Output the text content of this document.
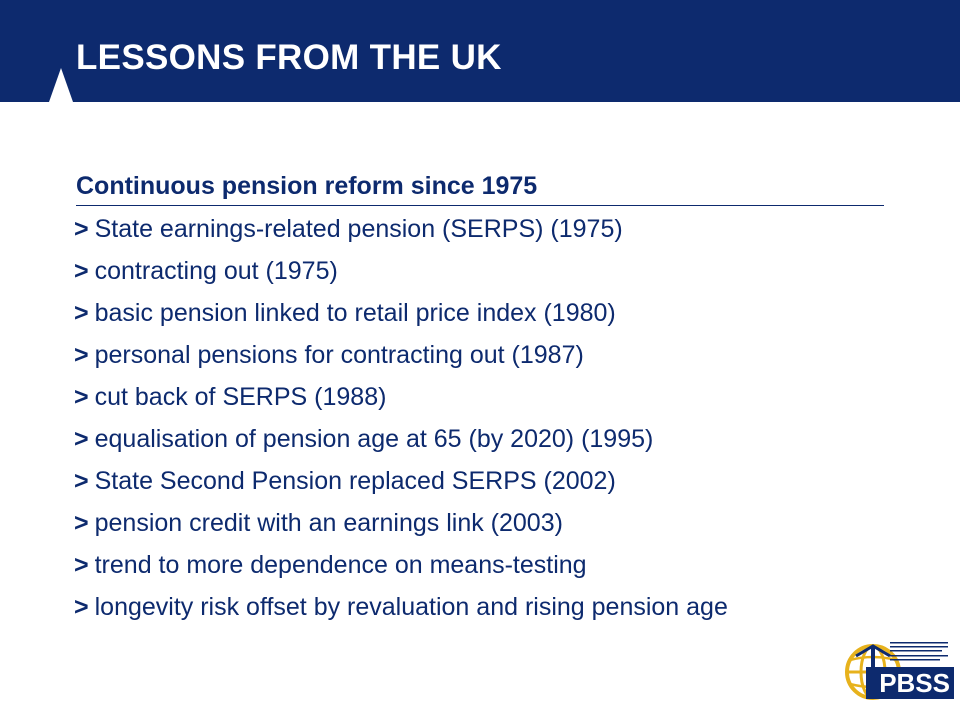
LESSONS FROM THE UK
Continuous pension reform since 1975
> State earnings-related pension (SERPS) (1975)
> contracting out (1975)
> basic pension linked to retail price index (1980)
> personal pensions for contracting out (1987)
> cut back of SERPS (1988)
> equalisation of pension age at 65 (by 2020) (1995)
> State Second Pension replaced SERPS (2002)
> pension credit with an earnings link (2003)
> trend to more dependence on means-testing
> longevity risk offset by revaluation and rising pension age
PBSS
